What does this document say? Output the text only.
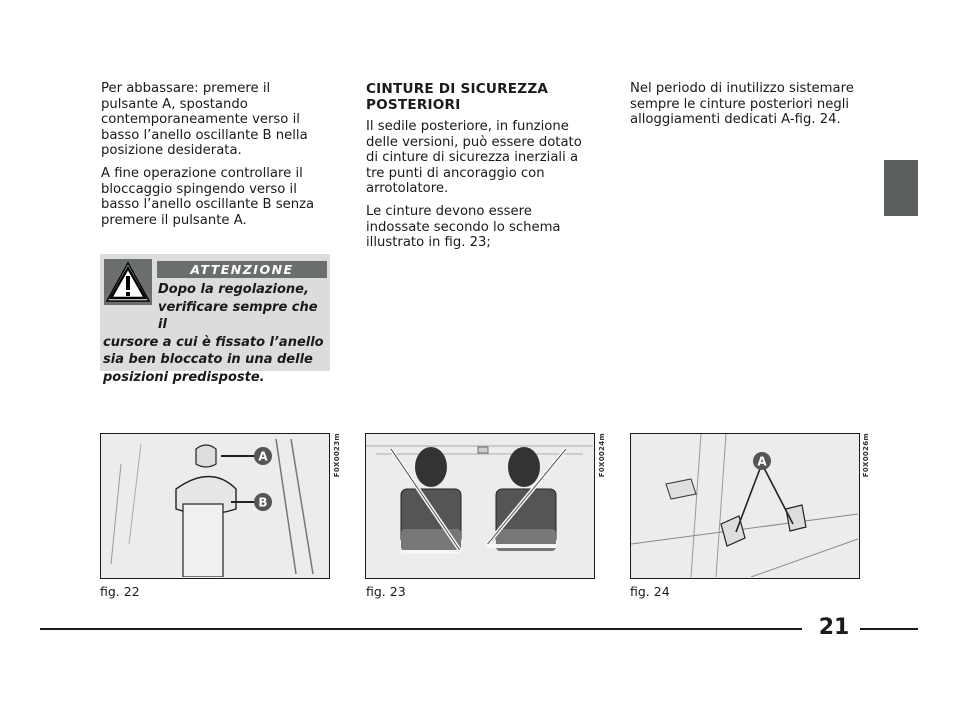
Per abbassare: premere il pulsante A, spostando contemporaneamente verso il basso l’anello oscillante B nella posizione desiderata.

A fine operazione controllare il bloccaggio spingendo verso il basso l’anello oscillante B senza premere il pulsante A.

ATTENZIONE
Dopo la regolazione,
verificare sempre che il
cursore a cui è fissato l’anello sia ben bloccato in una delle posizioni predisposte.
CINTURE DI SICUREZZA
POSTERIORI

Il sedile posteriore, in funzione delle versioni, può essere dotato di cinture di sicurezza inerziali a tre punti di ancoraggio con arrotolatore.

Le cinture devono essere indossate secondo lo schema illustrato in fig. 23;

Nel periodo di inutilizzo sistemare sempre le cinture posteriori negli alloggiamenti dedicati A-fig. 24.

A
B
F0X0023m
fig. 22
F0X0024m
fig. 23
A	F0X0026m
fig. 24
21
